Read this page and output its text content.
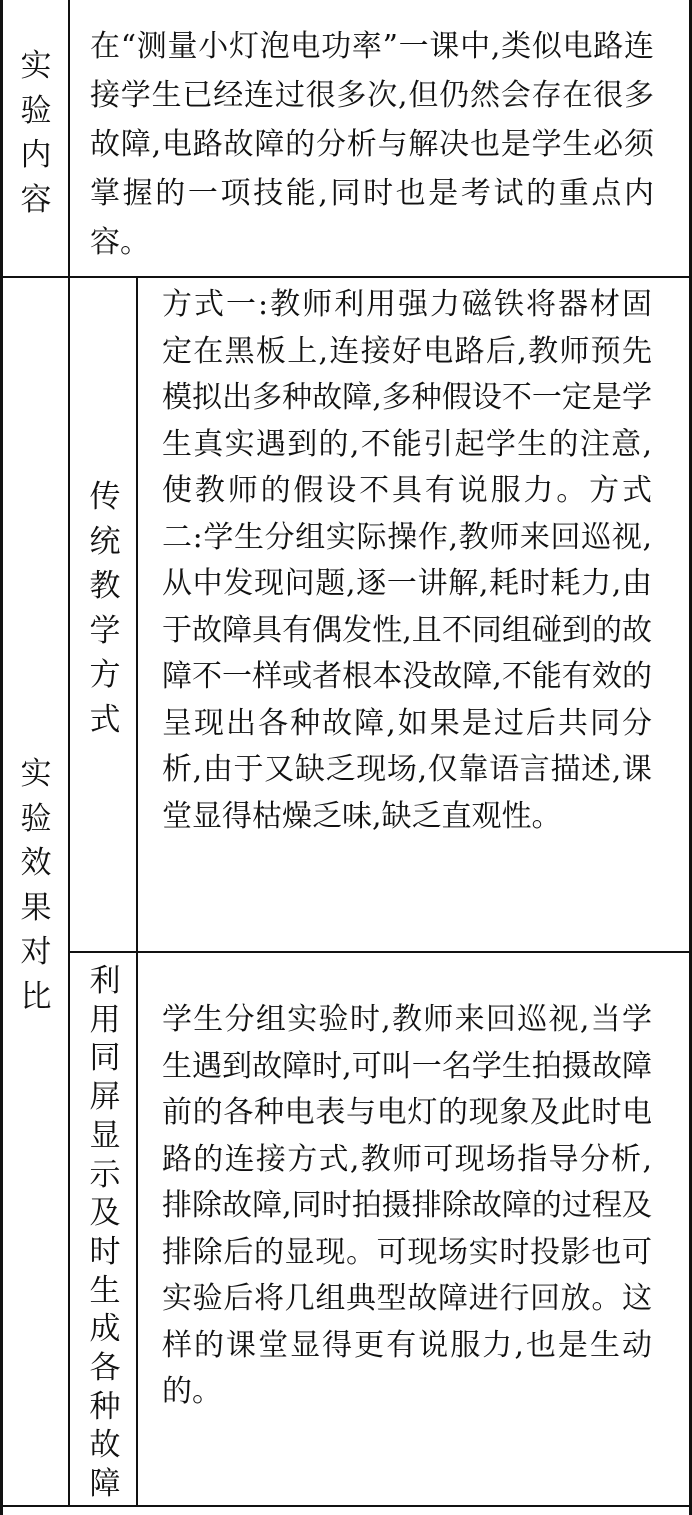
实验内容
在“测量小灯泡电功率”一课中,类似电路连接学生已经连过很多次,但仍然会存在很多故障,电路故障的分析与解决也是学生必须掌握的一项技能,同时也是考试的重点内容。
实验效果对比
传统教学方式
方式一:教师利用强力磁铁将器材固定在黑板上,连接好电路后,教师预先模拟出多种故障,多种假设不一定是学生真实遇到的,不能引起学生的注意,使教师的假设不具有说服力。方式二:学生分组实际操作,教师来回巡视,从中发现问题,逐一讲解,耗时耗力,由于故障具有偶发性,且不同组碰到的故障不一样或者根本没故障,不能有效的呈现出各种故障,如果是过后共同分析,由于又缺乏现场,仅靠语言描述,课堂显得枯燥乏味,缺乏直观性。
利用同屏显示及时生成各种故障
学生分组实验时,教师来回巡视,当学生遇到故障时,可叫一名学生拍摄故障前的各种电表与电灯的现象及此时电路的连接方式,教师可现场指导分析,排除故障,同时拍摄排除故障的过程及排除后的显现。可现场实时投影也可实验后将几组典型故障进行回放。这样的课堂显得更有说服力,也是生动的。
